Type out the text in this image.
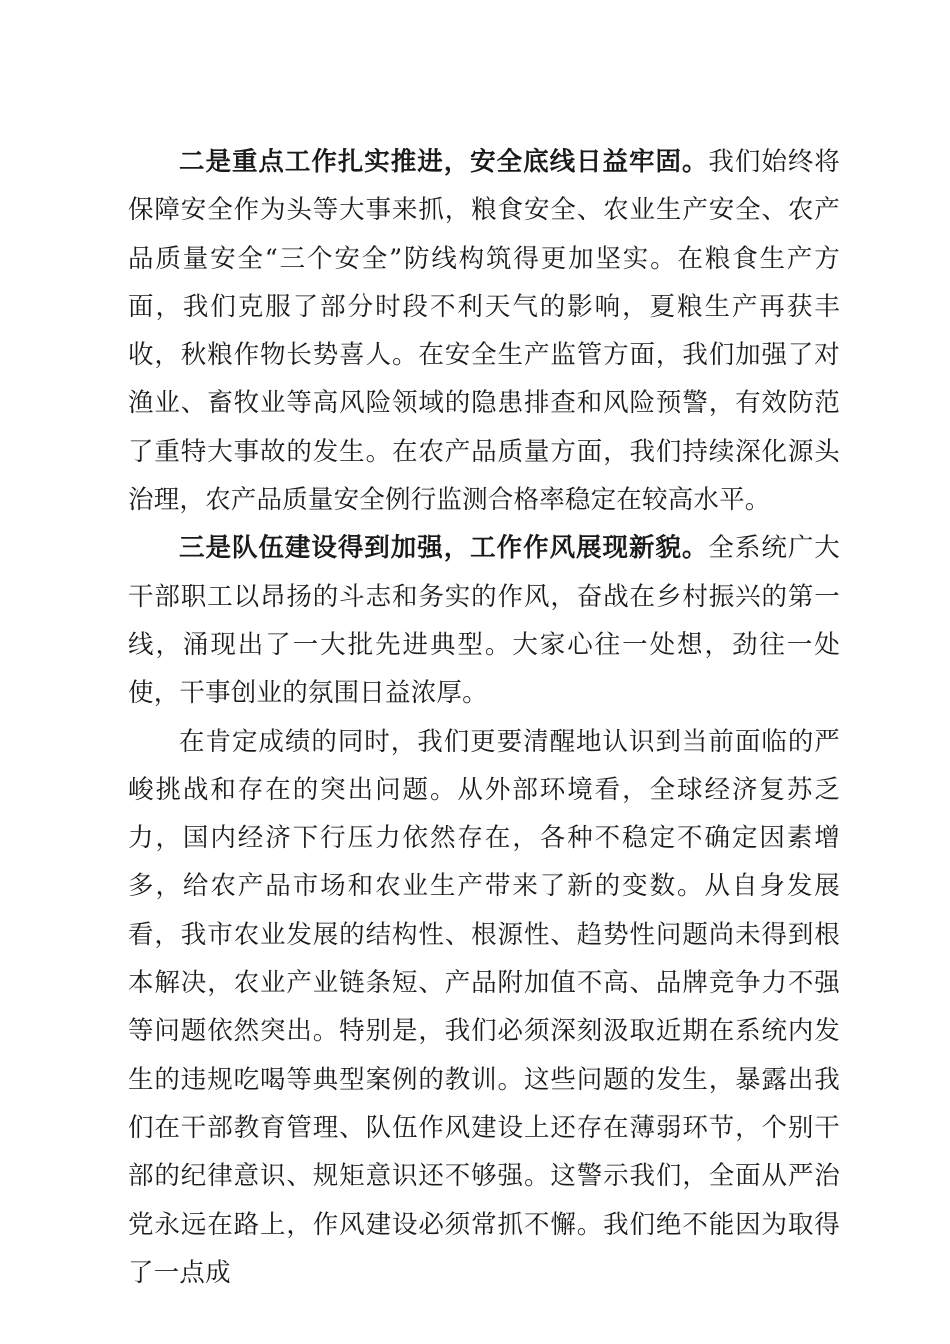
二是重点工作扎实推进，安全底线日益牢固。我们始终将保障安全作为头等大事来抓，粮食安全、农业生产安全、农产品质量安全“三个安全”防线构筑得更加坚实。在粮食生产方面，我们克服了部分时段不利天气的影响，夏粮生产再获丰收，秋粮作物长势喜人。在安全生产监管方面，我们加强了对渔业、畜牧业等高风险领域的隐患排查和风险预警，有效防范了重特大事故的发生。在农产品质量方面，我们持续深化源头治理，农产品质量安全例行监测合格率稳定在较高水平。

三是队伍建设得到加强，工作作风展现新貌。全系统广大干部职工以昂扬的斗志和务实的作风，奋战在乡村振兴的第一线，涌现出了一大批先进典型。大家心往一处想，劲往一处使，干事创业的氛围日益浓厚。

在肯定成绩的同时，我们更要清醒地认识到当前面临的严峻挑战和存在的突出问题。从外部环境看，全球经济复苏乏力，国内经济下行压力依然存在，各种不稳定不确定因素增多，给农产品市场和农业生产带来了新的变数。从自身发展看，我市农业发展的结构性、根源性、趋势性问题尚未得到根本解决，农业产业链条短、产品附加值不高、品牌竞争力不强等问题依然突出。特别是，我们必须深刻汲取近期在系统内发生的违规吃喝等典型案例的教训。这些问题的发生，暴露出我们在干部教育管理、队伍作风建设上还存在薄弱环节，个别干部的纪律意识、规矩意识还不够强。这警示我们，全面从严治党永远在路上，作风建设必须常抓不懈。我们绝不能因为取得了一点成
